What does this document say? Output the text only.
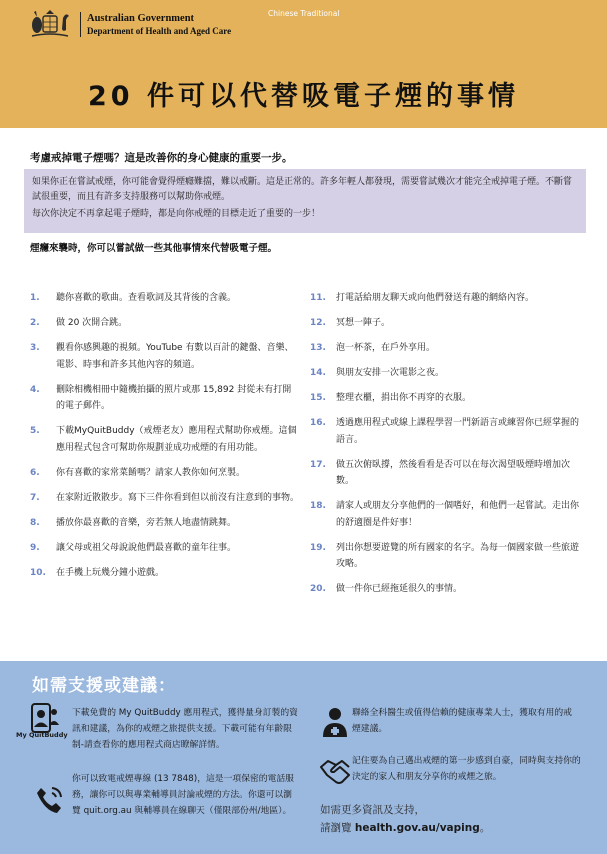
Australian Government
Department of Health and Aged Care
Chinese Traditional
20 件可以代替吸電子煙的事情
考慮戒掉電子煙嗎？這是改善你的身心健康的重要一步。

如果你正在嘗試戒煙，你可能會覺得煙癮難擋，難以戒斷。這是正常的。許多年輕人都發現，需要嘗試幾次才能完全戒掉電子煙。不斷嘗試很重要，而且有許多支持服務可以幫助你戒煙。

每次你決定不再拿起電子煙時，都是向你戒煙的目標走近了重要的一步！

煙癮來襲時，你可以嘗試做一些其他事情來代替吸電子煙。
1.	聽你喜歡的歌曲。查看歌詞及其背後的含義。
2.	做 20 次開合跳。
3.	觀看你感興趣的視頻。YouTube 有數以百計的鍵盤、音樂、電影、時事和許多其他內容的頻道。
4.	刪除相機相冊中隨機拍攝的照片或那 15,892 封從未有打開的電子郵件。
5.	下載MyQuitBuddy（戒煙老友）應用程式幫助你戒煙。這個應用程式包含可幫助你規劃並成功戒煙的有用功能。
6.	你有喜歡的家常菜餚嗎？請家人教你如何烹製。
7.	在家附近散散步。寫下三件你看到但以前沒有注意到的事物。
8.	播放你最喜歡的音樂，旁若無人地盡情跳舞。
9.	讓父母或祖父母說說他們最喜歡的童年往事。
10.	在手機上玩幾分鐘小遊戲。
11.	打電話給朋友聊天或向他們發送有趣的網絡內容。
12.	冥想一陣子。
13.	泡一杯茶，在戶外享用。
14.	與朋友安排一次電影之夜。
15.	整理衣櫃，捐出你不再穿的衣服。
16.	透過應用程式或線上課程學習一門新語言或練習你已經掌握的語言。
17.	做五次俯臥撐，然後看看是否可以在每次渴望吸煙時增加次數。
18.	請家人或朋友分享他們的一個嗜好，和他們一起嘗試。走出你的舒適圈是件好事！
19.	列出你想要遊覽的所有國家的名字。為每一個國家做一些旅遊攻略。
20.	做一件你已經拖延很久的事情。
如需支援或建議：
My QuitBuddy
下載免費的 My QuitBuddy 應用程式，獲得量身訂製的資訊和建議，為你的戒煙之旅提供支援。下載可能有年齡限制-請查看你的應用程式商店瞭解詳情。
你可以致電戒煙專線 (13 7848)，這是一項保密的電話服務，讓你可以與專業輔導員討論戒煙的方法。你還可以瀏覽 quit.org.au 與輔導員在線聊天（僅限部份州/地區）。
聯絡全科醫生或值得信賴的健康專業人士，獲取有用的戒煙建議。
記住要為自己邁出戒煙的第一步感到自豪，同時與支持你的決定的家人和朋友分享你的戒煙之旅。
如需更多資訊及支持，
請瀏覽 health.gov.au/vaping。
